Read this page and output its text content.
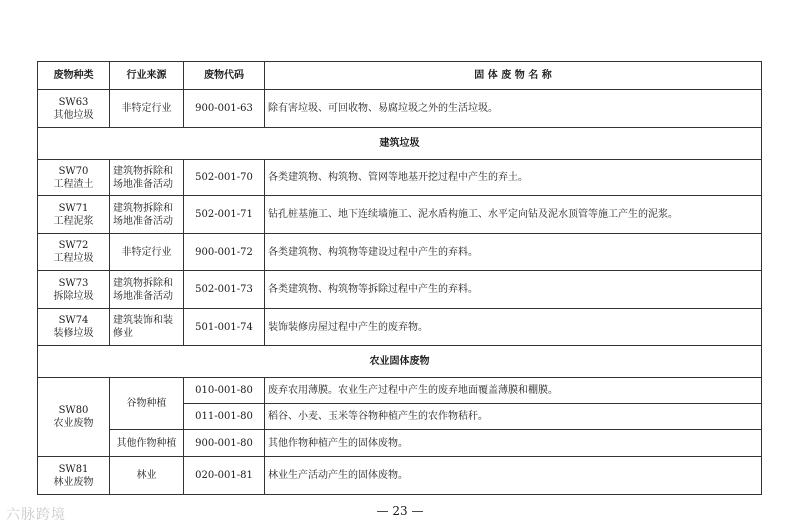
废物种类	行业来源	废物代码	固 体 废 物 名 称

SW63
其他垃圾	非特定行业	900-001-63	除有害垃圾、可回收物、易腐垃圾之外的生活垃圾。
建筑垃圾			

SW70
工程渣土	建筑物拆除和场地准备活动	502-001-70	各类建筑物、构筑物、管网等地基开挖过程中产生的弃土。

SW71
工程泥浆	建筑物拆除和场地准备活动	502-001-71	钻孔桩基施工、地下连续墙施工、泥水盾构施工、水平定向钻及泥水顶管等施工产生的泥浆。

SW72
工程垃圾	非特定行业	900-001-72	各类建筑物、构筑物等建设过程中产生的弃料。

SW73
拆除垃圾	建筑物拆除和场地准备活动	502-001-73	各类建筑物、构筑物等拆除过程中产生的弃料。

SW74
装修垃圾	建筑装饰和装修业	501-001-74	装饰装修房屋过程中产生的废弃物。
农业固体废物			

SW80
农业废物	谷物种植	010-001-80	废弃农用薄膜。农业生产过程中产生的废弃地面覆盖薄膜和棚膜。
		011-001-80	稻谷、小麦、玉米等谷物种植产生的农作物秸秆。
	其他作物种植	900-001-80	其他作物种植产生的固体废物。

SW81
林业废物	林业	020-001-81	林业生产活动产生的固体废物。
— 23 —
六脉跨境
